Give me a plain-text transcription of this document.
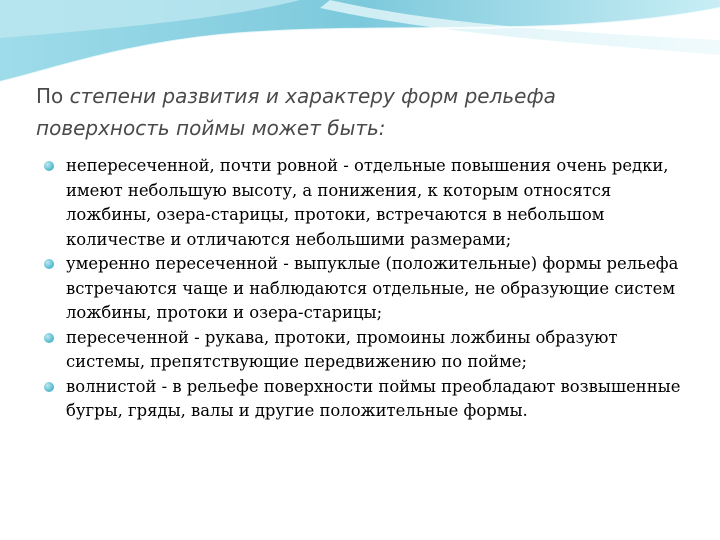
По степени развития и характеру форм рельефа поверхность поймы может быть:
непересеченной, почти ровной - отдельные повышения очень редки, имеют небольшую высоту, а понижения, к которым относятся ложбины, озера-старицы, протоки, встречаются в небольшом количестве и отличаются небольшими размерами;
умеренно пересеченной - выпуклые (положительные) формы рельефа встречаются чаще и наблюдаются отдельные, не образующие систем ложбины, протоки и озера-старицы;
пересеченной - рукава, протоки, промоины ложбины образуют системы, препятствующие передвижению по пойме;
волнистой - в рельефе поверхности поймы преобладают возвышенные бугры, гряды, валы и другие положительные формы.
